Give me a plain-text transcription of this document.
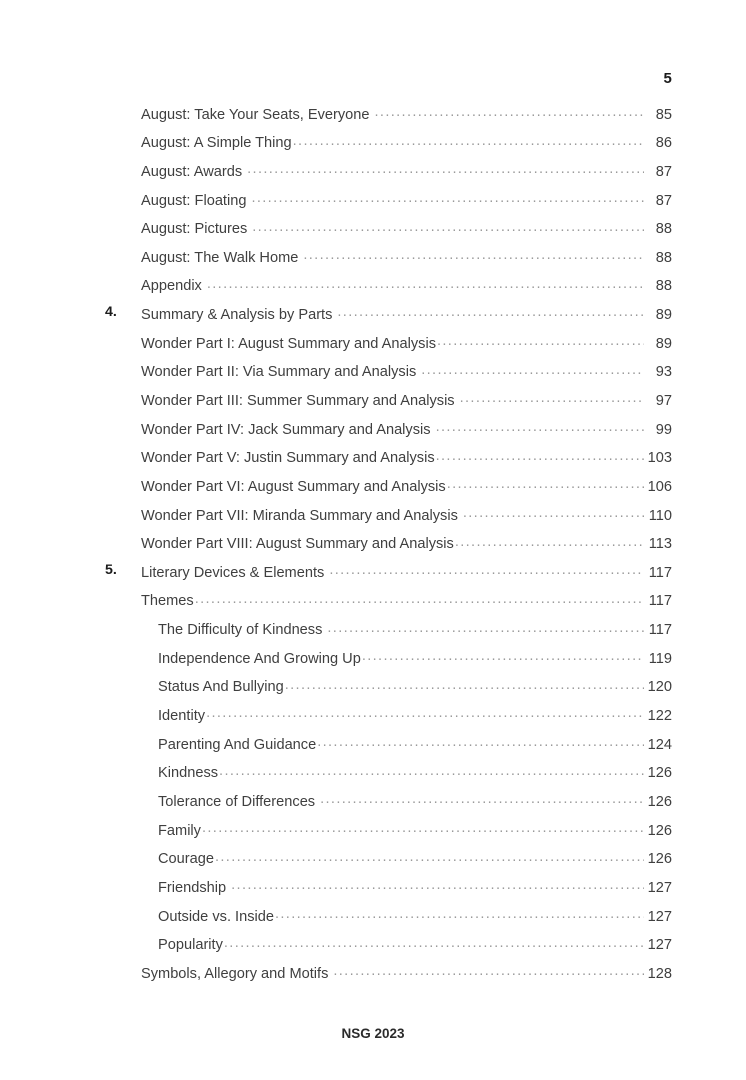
5
August: Take Your Seats, Everyone .....	85
August: A Simple Thing .....	86
August: Awards .....	87
August: Floating .....	87
August: Pictures .....	88
August: The Walk Home .....	88
Appendix .....	88
4. Summary & Analysis by Parts .....	89
Wonder Part I: August Summary and Analysis .....	89
Wonder Part II: Via Summary and Analysis .....	93
Wonder Part III: Summer Summary and Analysis .....	97
Wonder Part IV: Jack Summary and Analysis .....	99
Wonder Part V: Justin Summary and Analysis .....	103
Wonder Part VI: August Summary and Analysis .....	106
Wonder Part VII: Miranda Summary and Analysis .....	110
Wonder Part VIII: August Summary and Analysis .....	113
5. Literary Devices & Elements .....	117
Themes .....	117
The Difficulty of Kindness .....	117
Independence And Growing Up .....	119
Status And Bullying .....	120
Identity .....	122
Parenting And Guidance .....	124
Kindness .....	126
Tolerance of Differences .....	126
Family .....	126
Courage .....	126
Friendship .....	127
Outside vs. Inside .....	127
Popularity .....	127
Symbols, Allegory and Motifs .....	128
NSG 2023
